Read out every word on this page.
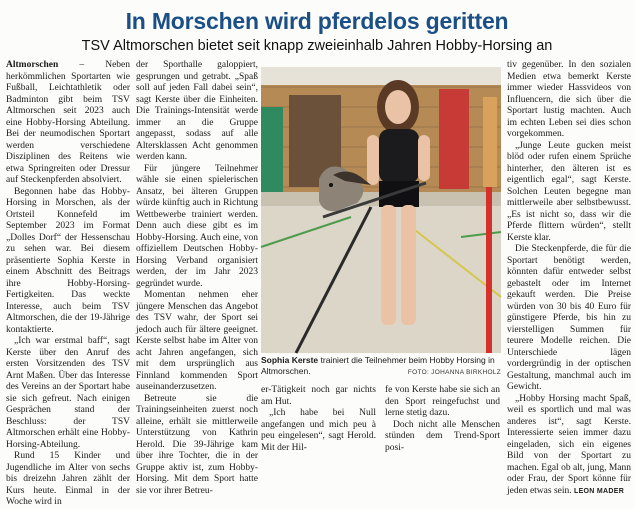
In Morschen wird pferdelos geritten
TSV Altmorschen bietet seit knapp zweieinhalb Jahren Hobby-Horsing an

Altmorschen – Neben herkömmlichen Sportarten wie Fußball, Leichtathletik oder Badminton gibt beim TSV Altmorschen seit 2023 auch eine Hobby-Horsing Abteilung. Bei der neumodischen Sportart werden verschiedene Disziplinen des Reitens wie etwa Springreiten oder Dressur auf Steckenpferden absolviert.

Begonnen habe das Hobby-Horsing in Morschen, als der Ortsteil Konnefeld im September 2023 im Format „Dolles Dorf“ der Hessenschau zu sehen war. Bei diesem präsentierte Sophia Kerste in einem Abschnitt des Beitrags ihre Hobby-Horsing-Fertigkeiten. Das weckte Interesse, auch beim TSV Altmorschen, die der 19-Jährige kontaktierte.

„Ich war erstmal baff“, sagt Kerste über den Anruf des ersten Vorsitzenden des TSV Arnt Maßen. Über das Interesse des Vereins an der Sportart habe sie sich gefreut. Nach einigen Gesprächen stand der Beschluss: der TSV Altmorschen erhält eine Hobby-Horsing-Abteilung.

Rund 15 Kinder und Jugendliche im Alter von sechs bis dreizehn Jahren zählt der Kurs heute. Einmal in der Woche wird in

der Sporthalle galoppiert, gesprungen und getrabt. „Spaß soll auf jeden Fall dabei sein“, sagt Kerste über die Einheiten. Die Trainings-Intensität werde immer an die Gruppe angepasst, sodass auf alle Altersklassen Acht genommen werden kann.

Für jüngere Teilnehmer wähle sie einen spielerischen Ansatz, bei älteren Gruppen würde künftig auch in Richtung Wettbewerbe trainiert werden. Denn auch diese gibt es im Hobby-Horsing. Auch eine, von offiziellem Deutschen Hobby-Horsing Verband organisiert werden, der im Jahr 2023 gegründet wurde.

Momentan nehmen eher jüngere Menschen das Angebot des TSV wahr, der Sport sei jedoch auch für ältere geeignet. Kerste selbst habe im Alter von acht Jahren angefangen, sich mit dem ursprünglich aus Finnland kommenden Sport auseinanderzusetzen.

Betreute sie die Trainingseinheiten zuerst noch alleine, erhält sie mittlerweile Unterstützung von Kathrin Herold. Die 39-Jährige kam über ihre Tochter, die in der Gruppe aktiv ist, zum Hobby-Horsing. Mit dem Sport hatte sie vor ihrer Betreu-

Sophia Kerste trainiert die Teilnehmer beim Hobby Horsing in Altmorschen.	FOTO: JOHANNA BIRKHOLZ

er-Tätigkeit noch gar nichts am Hut.

„Ich habe bei Null angefangen und mich peu à peu eingelesen“, sagt Herold. Mit der Hil-

fe von Kerste habe sie sich an den Sport reingefuchst und lerne stetig dazu.

Doch nicht alle Menschen stünden dem Trend-Sport posi-

tiv gegenüber. In den sozialen Medien etwa bemerkt Kerste immer wieder Hassvideos von Influencern, die sich über die Sportart lustig machten. Auch im echten Leben sei dies schon vorgekommen.

„Junge Leute gucken meist blöd oder rufen einem Sprüche hinterher, den älteren ist es eigentlich egal“, sagt Kerste. Solchen Leuten begegne man mittlerweile aber selbstbewusst. „Es ist nicht so, dass wir die Pferde flittern würden“, stellt Kerste klar.

Die Steckenpferde, die für die Sportart benötigt werden, könnten dafür entweder selbst gebastelt oder im Internet gekauft werden. Die Preise würden von 30 bis 40 Euro für günstigere Pferde, bis hin zu vierstelligen Summen für teurere Modelle reichen. Die Unterschiede lägen vordergründig in der optischen Gestaltung, manchmal auch im Gewicht.

„Hobby Horsing macht Spaß, weil es sportlich und mal was anderes ist“, sagt Kerste. Interessierte seien immer dazu eingeladen, sich ein eigenes Bild von der Sportart zu machen. Egal ob alt, jung, Mann oder Frau, der Sport könne für jeden etwas sein. LEON MADER
